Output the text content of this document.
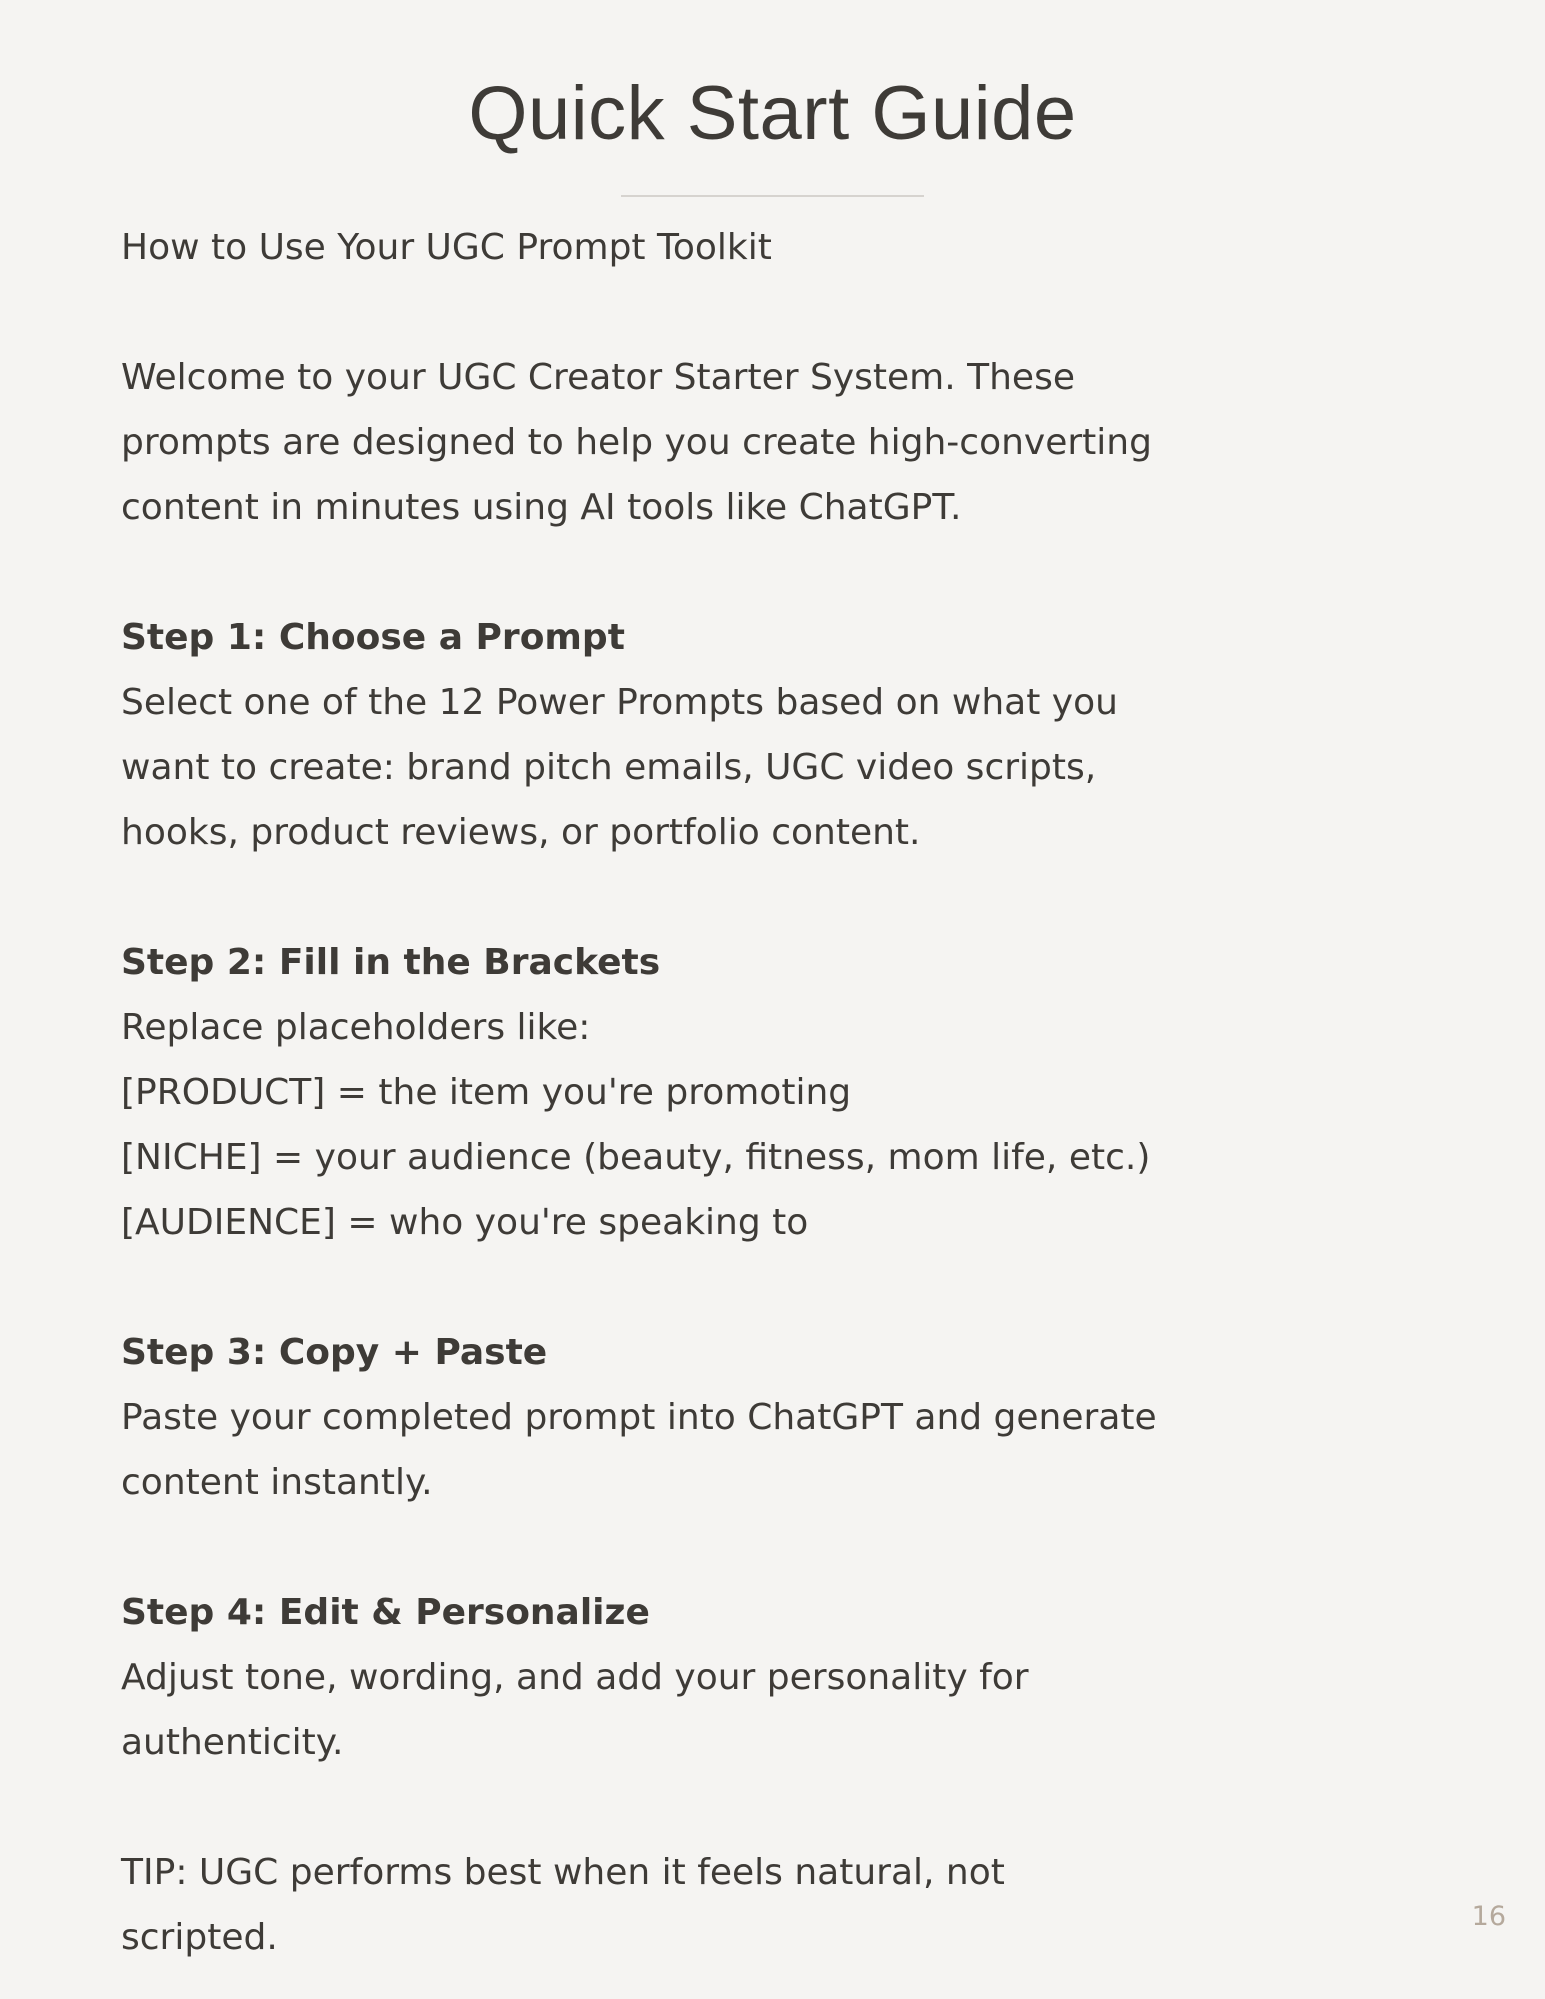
Quick Start Guide

How to Use Your UGC Prompt Toolkit

Welcome to your UGC Creator Starter System. These

prompts are designed to help you create high-converting

content in minutes using AI tools like ChatGPT.

Step 1: Choose a Prompt

Select one of the 12 Power Prompts based on what you

want to create: brand pitch emails, UGC video scripts,

hooks, product reviews, or portfolio content.

Step 2: Fill in the Brackets

Replace placeholders like:

[PRODUCT] = the item you're promoting

[NICHE] = your audience (beauty, fitness, mom life, etc.)

[AUDIENCE] = who you're speaking to

Step 3: Copy + Paste

Paste your completed prompt into ChatGPT and generate

content instantly.

Step 4: Edit & Personalize

Adjust tone, wording, and add your personality for

authenticity.

TIP: UGC performs best when it feels natural, not

scripted.

16
